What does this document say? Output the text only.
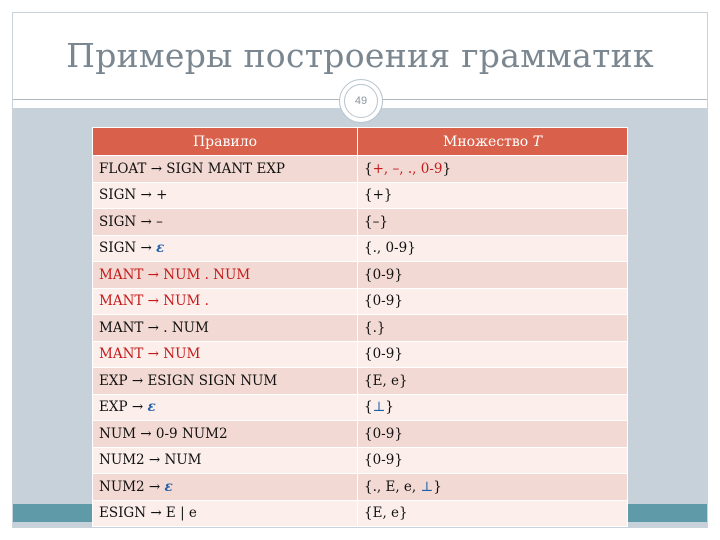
Примеры построения грамматик
49
Правило	Множество T
FLOAT → SIGN MANT EXP	{+, –, ., 0-9}
SIGN → +	{+}
SIGN → –	{–}
SIGN → ε	{., 0-9}
MANT → NUM . NUM	{0-9}
MANT → NUM .	{0-9}
MANT → . NUM	{.}
MANT → NUM	{0-9}
EXP → ESIGN SIGN NUM	{E, e}
EXP → ε	{⊥}
NUM → 0-9 NUM2	{0-9}
NUM2 → NUM	{0-9}
NUM2 → ε	{., E, e, ⊥}
ESIGN → E | e	{E, e}
